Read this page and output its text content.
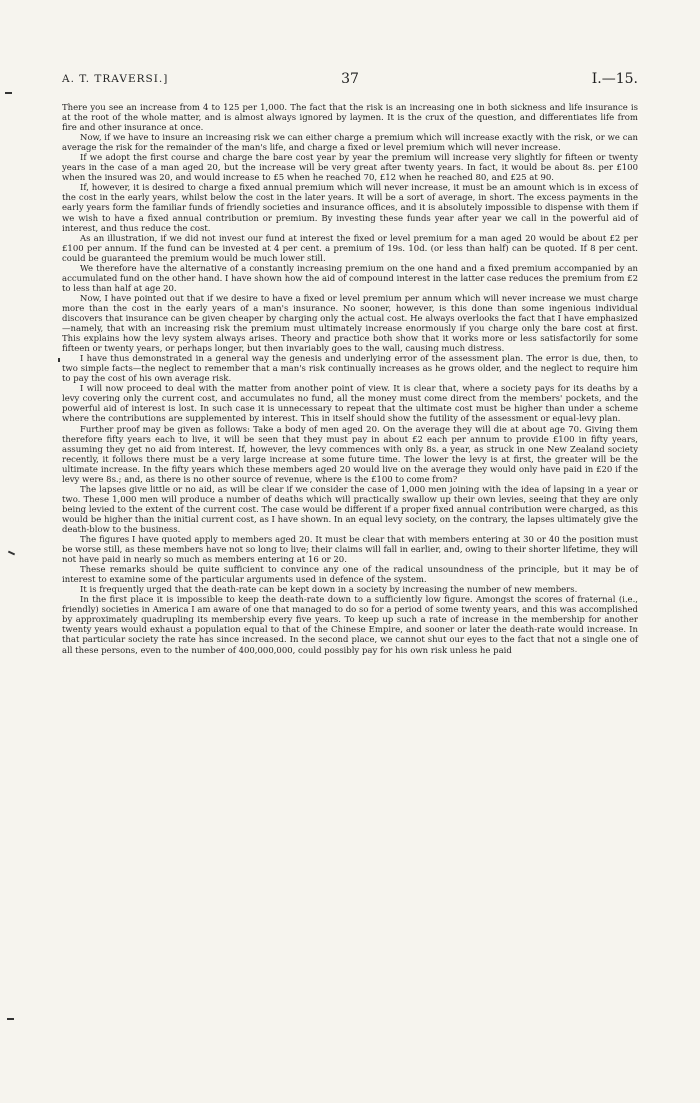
A. T. TRAVERSI.]	37	I.—15.

There you see an increase from 4 to 125 per 1,000. The fact that the risk is an increasing one in both sickness and life insurance is at the root of the whole matter, and is almost always ignored by laymen. It is the crux of the question, and differentiates life from fire and other insurance at once.

Now, if we have to insure an increasing risk we can either charge a premium which will increase exactly with the risk, or we can average the risk for the remainder of the man's life, and charge a fixed or level premium which will never increase.

If we adopt the first course and charge the bare cost year by year the premium will increase very slightly for fifteen or twenty years in the case of a man aged 20, but the increase will be very great after twenty years. In fact, it would be about 8s. per £100 when the insured was 20, and would increase to £5 when he reached 70, £12 when he reached 80, and £25 at 90.

If, however, it is desired to charge a fixed annual premium which will never increase, it must be an amount which is in excess of the cost in the early years, whilst below the cost in the later years. It will be a sort of average, in short. The excess payments in the early years form the familiar funds of friendly societies and insurance offices, and it is absolutely impossible to dispense with them if we wish to have a fixed annual contribution or premium. By investing these funds year after year we call in the powerful aid of interest, and thus reduce the cost.

As an illustration, if we did not invest our fund at interest the fixed or level premium for a man aged 20 would be about £2 per £100 per annum. If the fund can be invested at 4 per cent. a premium of 19s. 10d. (or less than half) can be quoted. If 8 per cent. could be guaranteed the premium would be much lower still.

We therefore have the alternative of a constantly increasing premium on the one hand and a fixed premium accompanied by an accumulated fund on the other hand. I have shown how the aid of compound interest in the latter case reduces the premium from £2 to less than half at age 20.

Now, I have pointed out that if we desire to have a fixed or level premium per annum which will never increase we must charge more than the cost in the early years of a man's insurance. No sooner, however, is this done than some ingenious individual discovers that insurance can be given cheaper by charging only the actual cost. He always overlooks the fact that I have emphasized —namely, that with an increasing risk the premium must ultimately increase enormously if you charge only the bare cost at first. This explains how the levy system always arises. Theory and practice both show that it works more or less satisfactorily for some fifteen or twenty years, or perhaps longer, but then invariably goes to the wall, causing much distress.

I have thus demonstrated in a general way the genesis and underlying error of the assessment plan. The error is due, then, to two simple facts—the neglect to remember that a man's risk continually increases as he grows older, and the neglect to require him to pay the cost of his own average risk.

I will now proceed to deal with the matter from another point of view. It is clear that, where a society pays for its deaths by a levy covering only the current cost, and accumulates no fund, all the money must come direct from the members' pockets, and the powerful aid of interest is lost. In such case it is unnecessary to repeat that the ultimate cost must be higher than under a scheme where the contributions are supplemented by interest. This in itself should show the futility of the assessment or equal-levy plan.

Further proof may be given as follows: Take a body of men aged 20. On the average they will die at about age 70. Giving them therefore fifty years each to live, it will be seen that they must pay in about £2 each per annum to provide £100 in fifty years, assuming they get no aid from interest. If, however, the levy commences with only 8s. a year, as struck in one New Zealand society recently, it follows there must be a very large increase at some future time. The lower the levy is at first, the greater will be the ultimate increase. In the fifty years which these members aged 20 would live on the average they would only have paid in £20 if the levy were 8s.; and, as there is no other source of revenue, where is the £100 to come from?

The lapses give little or no aid, as will be clear if we consider the case of 1,000 men joining with the idea of lapsing in a year or two. These 1,000 men will produce a number of deaths which will practically swallow up their own levies, seeing that they are only being levied to the extent of the current cost. The case would be different if a proper fixed annual contribution were charged, as this would be higher than the initial current cost, as I have shown. In an equal levy society, on the contrary, the lapses ultimately give the death-blow to the business.

The figures I have quoted apply to members aged 20. It must be clear that with members entering at 30 or 40 the position must be worse still, as these members have not so long to live; their claims will fall in earlier, and, owing to their shorter lifetime, they will not have paid in nearly so much as members entering at 16 or 20.

These remarks should be quite sufficient to convince any one of the radical unsoundness of the principle, but it may be of interest to examine some of the particular arguments used in defence of the system.

It is frequently urged that the death-rate can be kept down in a society by increasing the number of new members.

In the first place it is impossible to keep the death-rate down to a sufficiently low figure. Amongst the scores of fraternal (i.e., friendly) societies in America I am aware of one that managed to do so for a period of some twenty years, and this was accomplished by approximately quadrupling its membership every five years. To keep up such a rate of increase in the membership for another twenty years would exhaust a population equal to that of the Chinese Empire, and sooner or later the death-rate would increase. In that particular society the rate has since increased. In the second place, we cannot shut our eyes to the fact that not a single one of all these persons, even to the number of 400,000,000, could possibly pay for his own risk unless he paid
